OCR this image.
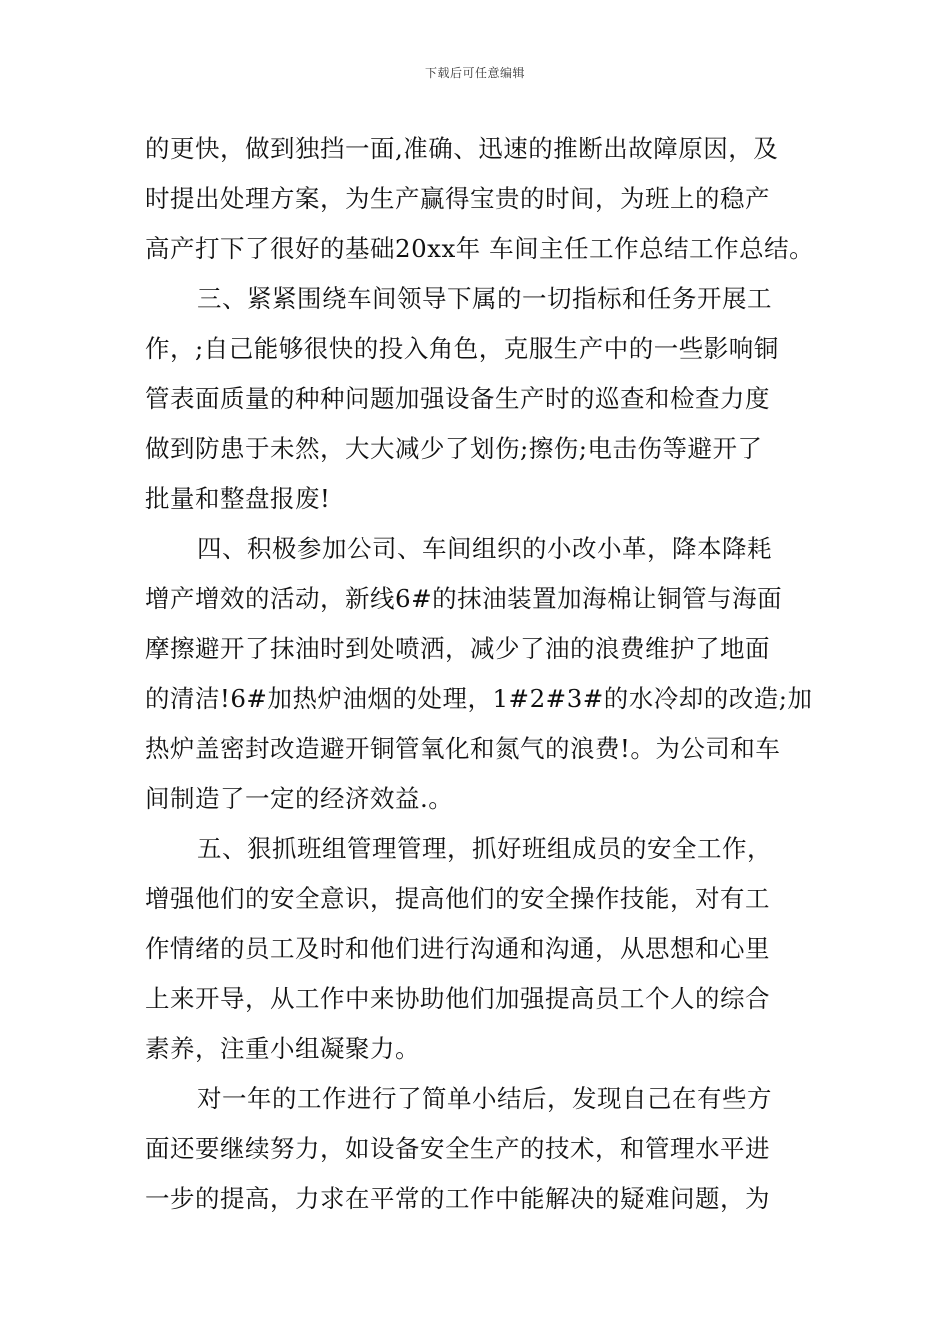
下载后可任意编辑
的更快，做到独挡一面,准确、迅速的推断出故障原因，及
时提出处理方案，为生产赢得宝贵的时间，为班上的稳产
高产打下了很好的基础20xx年 车间主任工作总结工作总结。
三、紧紧围绕车间领导下属的一切指标和任务开展工
作，;自己能够很快的投入角色，克服生产中的一些影响铜
管表面质量的种种问题加强设备生产时的巡查和检查力度
做到防患于未然，大大减少了划伤;擦伤;电击伤等避开了
批量和整盘报废!
四、积极参加公司、车间组织的小改小革，降本降耗
增产增效的活动，新线6#的抹油装置加海棉让铜管与海面
摩擦避开了抹油时到处喷洒，减少了油的浪费维护了地面
的清洁!6#加热炉油烟的处理，1#2#3#的水冷却的改造;加
热炉盖密封改造避开铜管氧化和氮气的浪费!。为公司和车
间制造了一定的经济效益.。
五、狠抓班组管理管理，抓好班组成员的安全工作，
增强他们的安全意识，提高他们的安全操作技能，对有工
作情绪的员工及时和他们进行沟通和沟通，从思想和心里
上来开导，从工作中来协助他们加强提高员工个人的综合
素养，注重小组凝聚力。
对一年的工作进行了简单小结后，发现自己在有些方
面还要继续努力，如设备安全生产的技术，和管理水平进
一步的提高，力求在平常的工作中能解决的疑难问题，为
